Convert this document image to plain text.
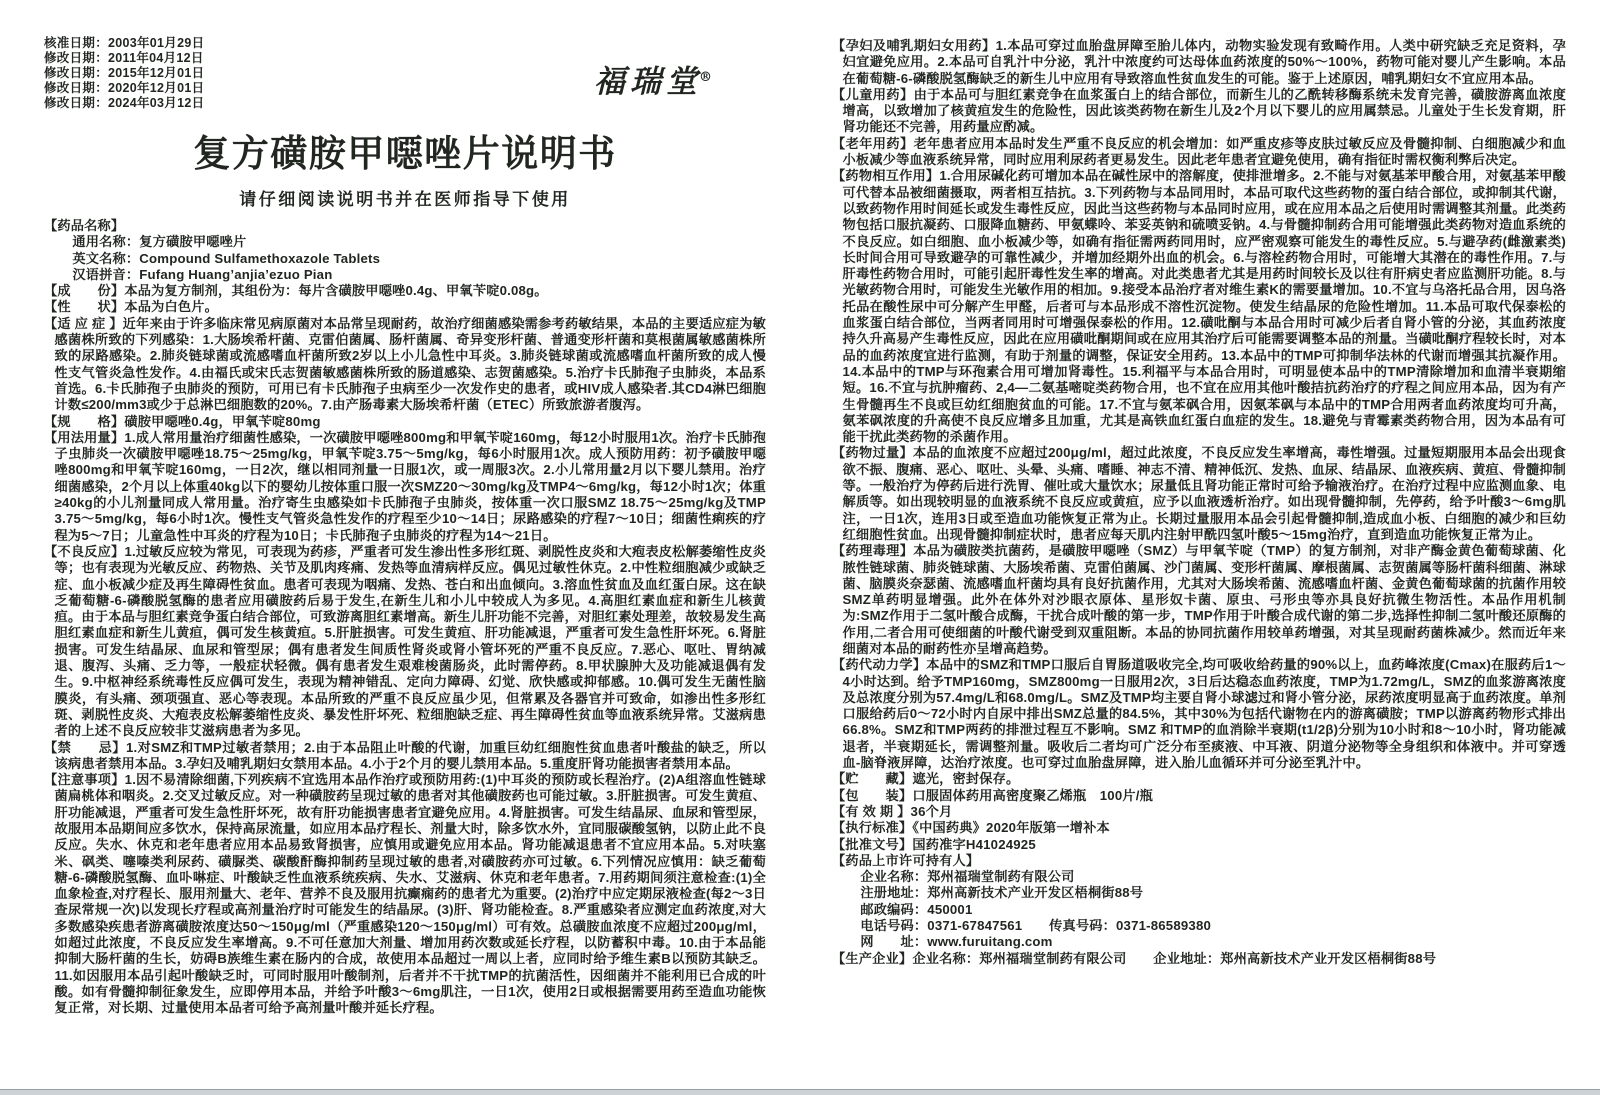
核准日期：2003年01月29日
修改日期：2011年04月12日
修改日期：2015年12月01日
修改日期：2020年12月01日
修改日期：2024年03月12日
福瑞堂®
复方磺胺甲噁唑片说明书
请仔细阅读说明书并在医师指导下使用

【药品名称】
通用名称：复方磺胺甲噁唑片
英文名称：Compound Sulfamethoxazole Tablets
汉语拼音：Fufang Huang’anjia’ezuo Pian

【成　　份】本品为复方制剂，其组份为：每片含磺胺甲噁唑0.4g、甲氧苄啶0.08g。

【性　　状】本品为白色片。

【适 应 症 】近年来由于许多临床常见病原菌对本品常呈现耐药，故治疗细菌感染需参考药敏结果，本品的主要适应症为敏感菌株所致的下列感染：1.大肠埃希杆菌、克雷伯菌属、肠杆菌属、奇异变形杆菌、普通变形杆菌和莫根菌属敏感菌株所致的尿路感染。2.肺炎链球菌或流感嗜血杆菌所致2岁以上小儿急性中耳炎。3.肺炎链球菌或流感嗜血杆菌所致的成人慢性支气管炎急性发作。4.由福氏或宋氏志贺菌敏感菌株所致的肠道感染、志贺菌感染。5.治疗卡氏肺孢子虫肺炎，本品系首选。6.卡氏肺孢子虫肺炎的预防，可用已有卡氏肺孢子虫病至少一次发作史的患者，或HIV成人感染者.其CD4淋巴细胞计数≤200/mm3或少于总淋巴细胞数的20%。7.由产肠毒素大肠埃希杆菌（ETEC）所致旅游者腹泻。

【规　　格】磺胺甲噁唑0.4g，甲氧苄啶80mg

【用法用量】1.成人常用量治疗细菌性感染，一次磺胺甲噁唑800mg和甲氧苄啶160mg，每12小时服用1次。治疗卡氏肺孢子虫肺炎一次磺胺甲噁唑18.75～25mg/kg，甲氧苄啶3.75～5mg/kg，每6小时服用1次。成人预防用药：初予磺胺甲噁唑800mg和甲氧苄啶160mg，一日2次，继以相同剂量一日服1次，或一周服3次。2.小儿常用量2月以下婴儿禁用。治疗细菌感染，2个月以上体重40kg以下的婴幼儿按体重口服一次SMZ20～30mg/kg及TMP4～6mg/kg，每12小时1次；体重≥40kg的小儿剂量同成人常用量。治疗寄生虫感染如卡氏肺孢子虫肺炎，按体重一次口服SMZ 18.75～25mg/kg及TMP 3.75～5mg/kg，每6小时1次。慢性支气管炎急性发作的疗程至少10～14日；尿路感染的疗程7～10日；细菌性痢疾的疗程为5～7日；儿童急性中耳炎的疗程为10日；卡氏肺孢子虫肺炎的疗程为14～21日。

【不良反应】1.过敏反应较为常见，可表现为药疹，严重者可发生渗出性多形红斑、剥脱性皮炎和大疱表皮松解萎缩性皮炎等；也有表现为光敏反应、药物热、关节及肌肉疼痛、发热等血清病样反应。偶见过敏性休克。2.中性粒细胞减少或缺乏症、血小板减少症及再生障碍性贫血。患者可表现为咽痛、发热、苍白和出血倾向。3.溶血性贫血及血红蛋白尿。这在缺乏葡萄糖-6-磷酸脱氢酶的患者应用磺胺药后易于发生,在新生儿和小儿中较成人为多见。4.高胆红素血症和新生儿核黄疸。由于本品与胆红素竞争蛋白结合部位，可致游离胆红素增高。新生儿肝功能不完善，对胆红素处理差，故较易发生高胆红素血症和新生儿黄疸，偶可发生核黄疸。5.肝脏损害。可发生黄疸、肝功能减退，严重者可发生急性肝坏死。6.肾脏损害。可发生结晶尿、血尿和管型尿；偶有患者发生间质性肾炎或肾小管坏死的严重不良反应。7.恶心、呕吐、胃纳减退、腹泻、头痛、乏力等，一般症状轻微。偶有患者发生艰难梭菌肠炎，此时需停药。8.甲状腺肿大及功能减退偶有发生。9.中枢神经系统毒性反应偶可发生，表现为精神错乱、定向力障碍、幻觉、欣快感或抑郁感。10.偶可发生无菌性脑膜炎，有头痛、颈项强直、恶心等表现。本品所致的严重不良反应虽少见，但常累及各器官并可致命，如渗出性多形红斑、剥脱性皮炎、大疱表皮松解萎缩性皮炎、暴发性肝坏死、粒细胞缺乏症、再生障碍性贫血等血液系统异常。艾滋病患者的上述不良反应较非艾滋病患者为多见。

【禁　　忌】1.对SMZ和TMP过敏者禁用；2.由于本品阻止叶酸的代谢，加重巨幼红细胞性贫血患者叶酸盐的缺乏，所以该病患者禁用本品。3.孕妇及哺乳期妇女禁用本品。4.小于2个月的婴儿禁用本品。5.重度肝肾功能损害者禁用本品。

【注意事项】1.因不易清除细菌,下列疾病不宜选用本品作治疗或预防用药:(1)中耳炎的预防或长程治疗。(2)A组溶血性链球菌扁桃体和咽炎。2.交叉过敏反应。对一种磺胺药呈现过敏的患者对其他磺胺药也可能过敏。3.肝脏损害。可发生黄疸、肝功能减退，严重者可发生急性肝坏死，故有肝功能损害患者宜避免应用。4.肾脏损害。可发生结晶尿、血尿和管型尿，故服用本品期间应多饮水，保持高尿流量，如应用本品疗程长、剂量大时，除多饮水外，宜同服碳酸氢钠，以防止此不良反应。失水、休克和老年患者应用本品易致肾损害，应慎用或避免应用本品。肾功能减退患者不宜应用本品。5.对呋塞米、砜类、噻嗪类利尿药、磺脲类、碳酸酐酶抑制药呈现过敏的患者,对磺胺药亦可过敏。6.下列情况应慎用：缺乏葡萄糖-6-磷酸脱氢酶、血卟啉症、叶酸缺乏性血液系统疾病、失水、艾滋病、休克和老年患者。7.用药期间须注意检查:(1)全血象检查,对疗程长、服用剂量大、老年、营养不良及服用抗癫痫药的患者尤为重要。(2)治疗中应定期尿液检查(每2～3日查尿常规一次)以发现长疗程或高剂量治疗时可能发生的结晶尿。(3)肝、肾功能检查。8.严重感染者应测定血药浓度,对大多数感染疾患者游离磺胺浓度达50～150μg/ml（严重感染120～150μg/ml）可有效。总磺胺血浓度不应超过200μg/ml，如超过此浓度，不良反应发生率增高。9.不可任意加大剂量、增加用药次数或延长疗程，以防蓄积中毒。10.由于本品能抑制大肠杆菌的生长，妨碍B族维生素在肠内的合成，故使用本品超过一周以上者，应同时给予维生素B以预防其缺乏。11.如因服用本品引起叶酸缺乏时，可同时服用叶酸制剂，后者并不干扰TMP的抗菌活性，因细菌并不能利用已合成的叶酸。如有骨髓抑制征象发生，应即停用本品，并给予叶酸3～6mg肌注，一日1次，使用2日或根据需要用药至造血功能恢复正常，对长期、过量使用本品者可给予高剂量叶酸并延长疗程。

【孕妇及哺乳期妇女用药】1.本品可穿过血胎盘屏障至胎儿体内，动物实验发现有致畸作用。人类中研究缺乏充足资料，孕妇宜避免应用。2.本品可自乳汁中分泌，乳汁中浓度约可达母体血药浓度的50%～100%，药物可能对婴儿产生影响。本品在葡萄糖-6-磷酸脱氢酶缺乏的新生儿中应用有导致溶血性贫血发生的可能。鉴于上述原因，哺乳期妇女不宜应用本品。

【儿童用药】由于本品可与胆红素竞争在血浆蛋白上的结合部位，而新生儿的乙酰转移酶系统未发育完善，磺胺游离血浓度增高，以致增加了核黄疸发生的危险性，因此该类药物在新生儿及2个月以下婴儿的应用属禁忌。儿童处于生长发育期，肝肾功能还不完善，用药量应酌减。

【老年用药】老年患者应用本品时发生严重不良反应的机会增加：如严重皮疹等皮肤过敏反应及骨髓抑制、白细胞减少和血小板减少等血液系统异常，同时应用利尿药者更易发生。因此老年患者宜避免使用，确有指征时需权衡利弊后决定。

【药物相互作用】1.合用尿碱化药可增加本品在碱性尿中的溶解度，使排泄增多。2.不能与对氨基苯甲酸合用，对氨基苯甲酸可代替本品被细菌摄取，两者相互拮抗。3.下列药物与本品同用时，本品可取代这些药物的蛋白结合部位，或抑制其代谢，以致药物作用时间延长或发生毒性反应，因此当这些药物与本品同时应用，或在应用本品之后使用时需调整其剂量。此类药物包括口服抗凝药、口服降血糖药、甲氨蝶呤、苯妥英钠和硫喷妥钠。4.与骨髓抑制药合用可能增强此类药物对造血系统的不良反应。如白细胞、血小板减少等，如确有指征需两药同用时，应严密观察可能发生的毒性反应。5.与避孕药(雌激素类)长时间合用可导致避孕的可靠性减少，并增加经期外出血的机会。6.与溶栓药物合用时，可能增大其潜在的毒性作用。7.与肝毒性药物合用时，可能引起肝毒性发生率的增高。对此类患者尤其是用药时间较长及以往有肝病史者应监测肝功能。8.与光敏药物合用时，可能发生光敏作用的相加。9.接受本品治疗者对维生素K的需要量增加。10.不宜与乌洛托品合用，因乌洛托品在酸性尿中可分解产生甲醛，后者可与本品形成不溶性沉淀物。使发生结晶尿的危险性增加。11.本品可取代保泰松的血浆蛋白结合部位，当两者同用时可增强保泰松的作用。12.磺吡酮与本品合用时可减少后者自肾小管的分泌，其血药浓度持久升高易产生毒性反应，因此在应用磺吡酮期间或在应用其治疗后可能需要调整本品的剂量。当磺吡酮疗程较长时，对本品的血药浓度宜进行监测，有助于剂量的调整，保证安全用药。13.本品中的TMP可抑制华法林的代谢而增强其抗凝作用。14.本品中的TMP与环孢素合用可增加肾毒性。15.利福平与本品合用时，可明显使本品中的TMP清除增加和血清半衰期缩短。16.不宜与抗肿瘤药、2,4—二氨基嘧啶类药物合用，也不宜在应用其他叶酸拮抗药治疗的疗程之间应用本品，因为有产生骨髓再生不良或巨幼红细胞贫血的可能。17.不宜与氨苯砜合用，因氨苯砜与本品中的TMP合用两者血药浓度均可升高，氨苯砜浓度的升高使不良反应增多且加重，尤其是高铁血红蛋白血症的发生。18.避免与青霉素类药物合用，因为本品有可能干扰此类药物的杀菌作用。

【药物过量】本品的血浓度不应超过200μg/ml，超过此浓度，不良反应发生率增高，毒性增强。过量短期服用本品会出现食欲不振、腹痛、恶心、呕吐、头晕、头痛、嗜睡、神志不清、精神低沉、发热、血尿、结晶尿、血液疾病、黄疸、骨髓抑制等。一般治疗为停药后进行洗胃、催吐或大量饮水；尿量低且肾功能正常时可给予输液治疗。在治疗过程中应监测血象、电解质等。如出现较明显的血液系统不良反应或黄疸，应予以血液透析治疗。如出现骨髓抑制，先停药，给予叶酸3～6mg肌注，一日1次，连用3日或至造血功能恢复正常为止。长期过量服用本品会引起骨髓抑制,造成血小板、白细胞的减少和巨幼红细胞性贫血。出现骨髓抑制症状时，患者应每天肌内注射甲酰四氢叶酸5～15mg治疗，直到造血功能恢复正常为止。

【药理毒理】本品为磺胺类抗菌药，是磺胺甲噁唑（SMZ）与甲氧苄啶（TMP）的复方制剂，对非产酶金黄色葡萄球菌、化脓性链球菌、肺炎链球菌、大肠埃希菌、克雷伯菌属、沙门菌属、变形杆菌属、摩根菌属、志贺菌属等肠杆菌科细菌、淋球菌、脑膜炎奈瑟菌、流感嗜血杆菌均具有良好抗菌作用，尤其对大肠埃希菌、流感嗜血杆菌、金黄色葡萄球菌的抗菌作用较SMZ单药明显增强。此外在体外对沙眼衣原体、星形奴卡菌、原虫、弓形虫等亦具良好抗微生物活性。本品作用机制为:SMZ作用于二氢叶酸合成酶，干扰合成叶酸的第一步，TMP作用于叶酸合成代谢的第二步,选择性抑制二氢叶酸还原酶的作用,二者合用可使细菌的叶酸代谢受到双重阻断。本品的协同抗菌作用较单药增强，对其呈现耐药菌株减少。然而近年来细菌对本品的耐药性亦呈增高趋势。

【药代动力学】本品中的SMZ和TMP口服后自胃肠道吸收完全,均可吸收给药量的90%以上，血药峰浓度(Cmax)在服药后1～4小时达到。给予TMP160mg，SMZ800mg一日服用2次，3日后达稳态血药浓度，TMP为1.72mg/L，SMZ的血浆游离浓度及总浓度分别为57.4mg/L和68.0mg/L。SMZ及TMP均主要自肾小球滤过和肾小管分泌，尿药浓度明显高于血药浓度。单剂口服给药后0～72小时内自尿中排出SMZ总量的84.5%，其中30%为包括代谢物在内的游离磺胺；TMP以游离药物形式排出66.8%。SMZ和TMP两药的排泄过程互不影响。SMZ 和TMP的血消除半衰期(t1/2β)分别为10小时和8～10小时，肾功能减退者，半衰期延长，需调整剂量。吸收后二者均可广泛分布至痰液、中耳液、阴道分泌物等全身组织和体液中。并可穿透血-脑脊液屏障，达治疗浓度。也可穿过血胎盘屏障，进入胎儿血循环并可分泌至乳汁中。

【贮　　藏】遮光，密封保存。

【包　　装】口服固体药用高密度聚乙烯瓶　100片/瓶

【有 效 期 】36个月

【执行标准】《中国药典》2020年版第一增补本

【批准文号】国药准字H41024925

【药品上市许可持有人】
企业名称：郑州福瑞堂制药有限公司
注册地址：郑州高新技术产业开发区梧桐街88号
邮政编码：450001
电话号码：0371-67847561　　传真号码：0371-86589380
网　　址：www.furuitang.com

【生产企业】企业名称：郑州福瑞堂制药有限公司　　企业地址：郑州高新技术产业开发区梧桐街88号
